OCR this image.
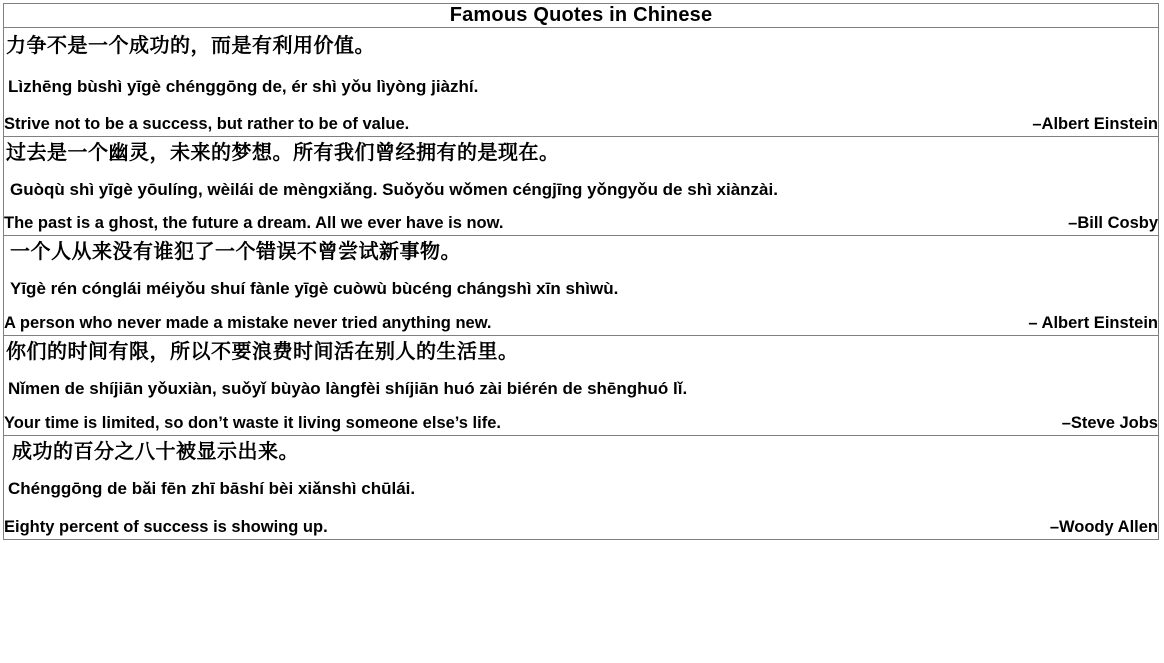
Famous Quotes in Chinese

力争不是一个成功的，而是有利用价值。
Lìzhēng bùshì yīgè chénggōng de, ér shì yǒu lìyòng jiàzhí.
Strive not to be a success, but rather to be of value.	–Albert Einstein

过去是一个幽灵，未来的梦想。所有我们曾经拥有的是现在。
Guòqù shì yīgè yōulíng, wèilái de mèngxiǎng. Suǒyǒu wǒmen céngjīng yǒngyǒu de shì xiànzài.
The past is a ghost, the future a dream. All we ever have is now.	–Bill Cosby

一个人从来没有谁犯了一个错误不曾尝试新事物。
Yīgè rén cónglái méiyǒu shuí fànle yīgè cuòwù bùcéng chángshì xīn shìwù.
A person who never made a mistake never tried anything new.	– Albert Einstein

你们的时间有限，所以不要浪费时间活在别人的生活里。
Nǐmen de shíjiān yǒuxiàn, suǒyǐ bùyào làngfèi shíjiān huó zài biérén de shēnghuó lǐ.
Your time is limited, so don’t waste it living someone else’s life.	–Steve Jobs

成功的百分之八十被显示出来。
Chénggōng de bǎi fēn zhī bāshí bèi xiǎnshì chūlái.
Eighty percent of success is showing up.	–Woody Allen
